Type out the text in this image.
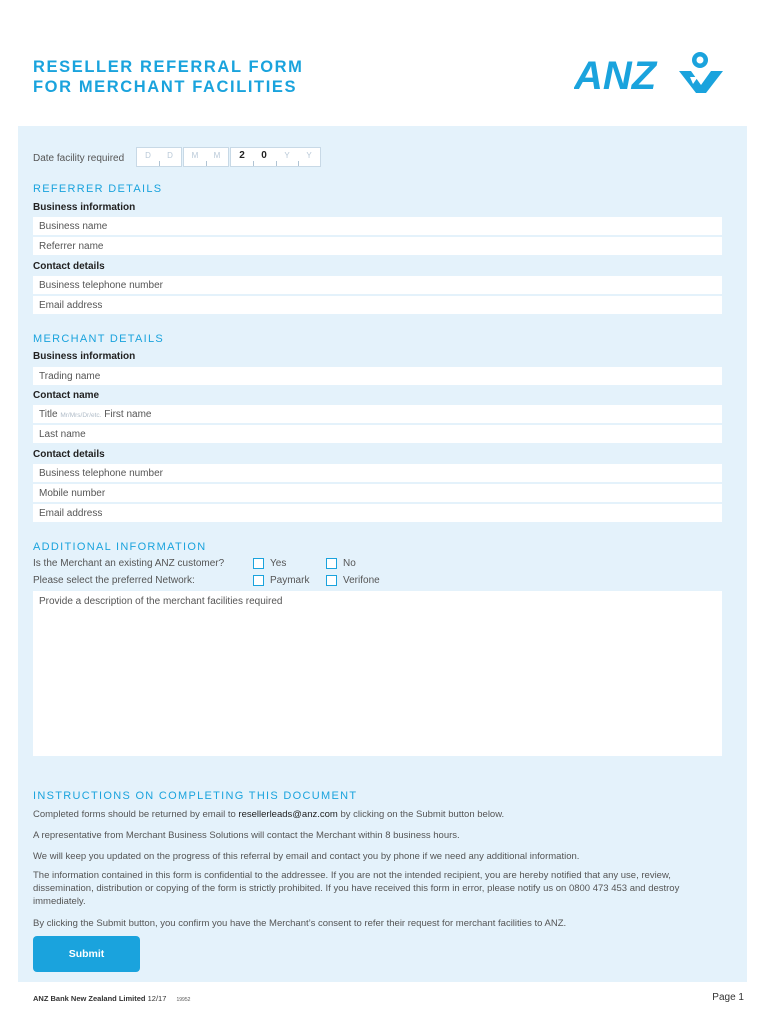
RESELLER REFERRAL FORM
FOR MERCHANT FACILITIES	ANZ
Date facility required	D D M M 2 0 Y Y
REFERRER DETAILS
Business information
Business name
Referrer name
Contact details
Business telephone number
Email address
MERCHANT DETAILS
Business information
Trading name
Contact name
Title Mr/Mrs/Dr/etc. First name
Last name
Contact details
Business telephone number
Mobile number
Email address
ADDITIONAL INFORMATION
Is the Merchant an existing ANZ customer?	Yes	No
Please select the preferred Network:	Paymark	Verifone
Provide a description of the merchant facilities required
INSTRUCTIONS ON COMPLETING THIS DOCUMENT
Completed forms should be returned by email to resellerleads@anz.com by clicking on the Submit button below.
A representative from Merchant Business Solutions will contact the Merchant within 8 business hours.
We will keep you updated on the progress of this referral by email and contact you by phone if we need any additional information.
The information contained in this form is confidential to the addressee. If you are not the intended recipient, you are hereby notified that any use, review, dissemination, distribution or copying of the form is strictly prohibited. If you have received this form in error, please notify us on 0800 473 453 and destroy immediately.
By clicking the Submit button, you confirm you have the Merchant’s consent to refer their request for merchant facilities to ANZ.
Submit
ANZ Bank New Zealand Limited 12/17 19952	Page 1
